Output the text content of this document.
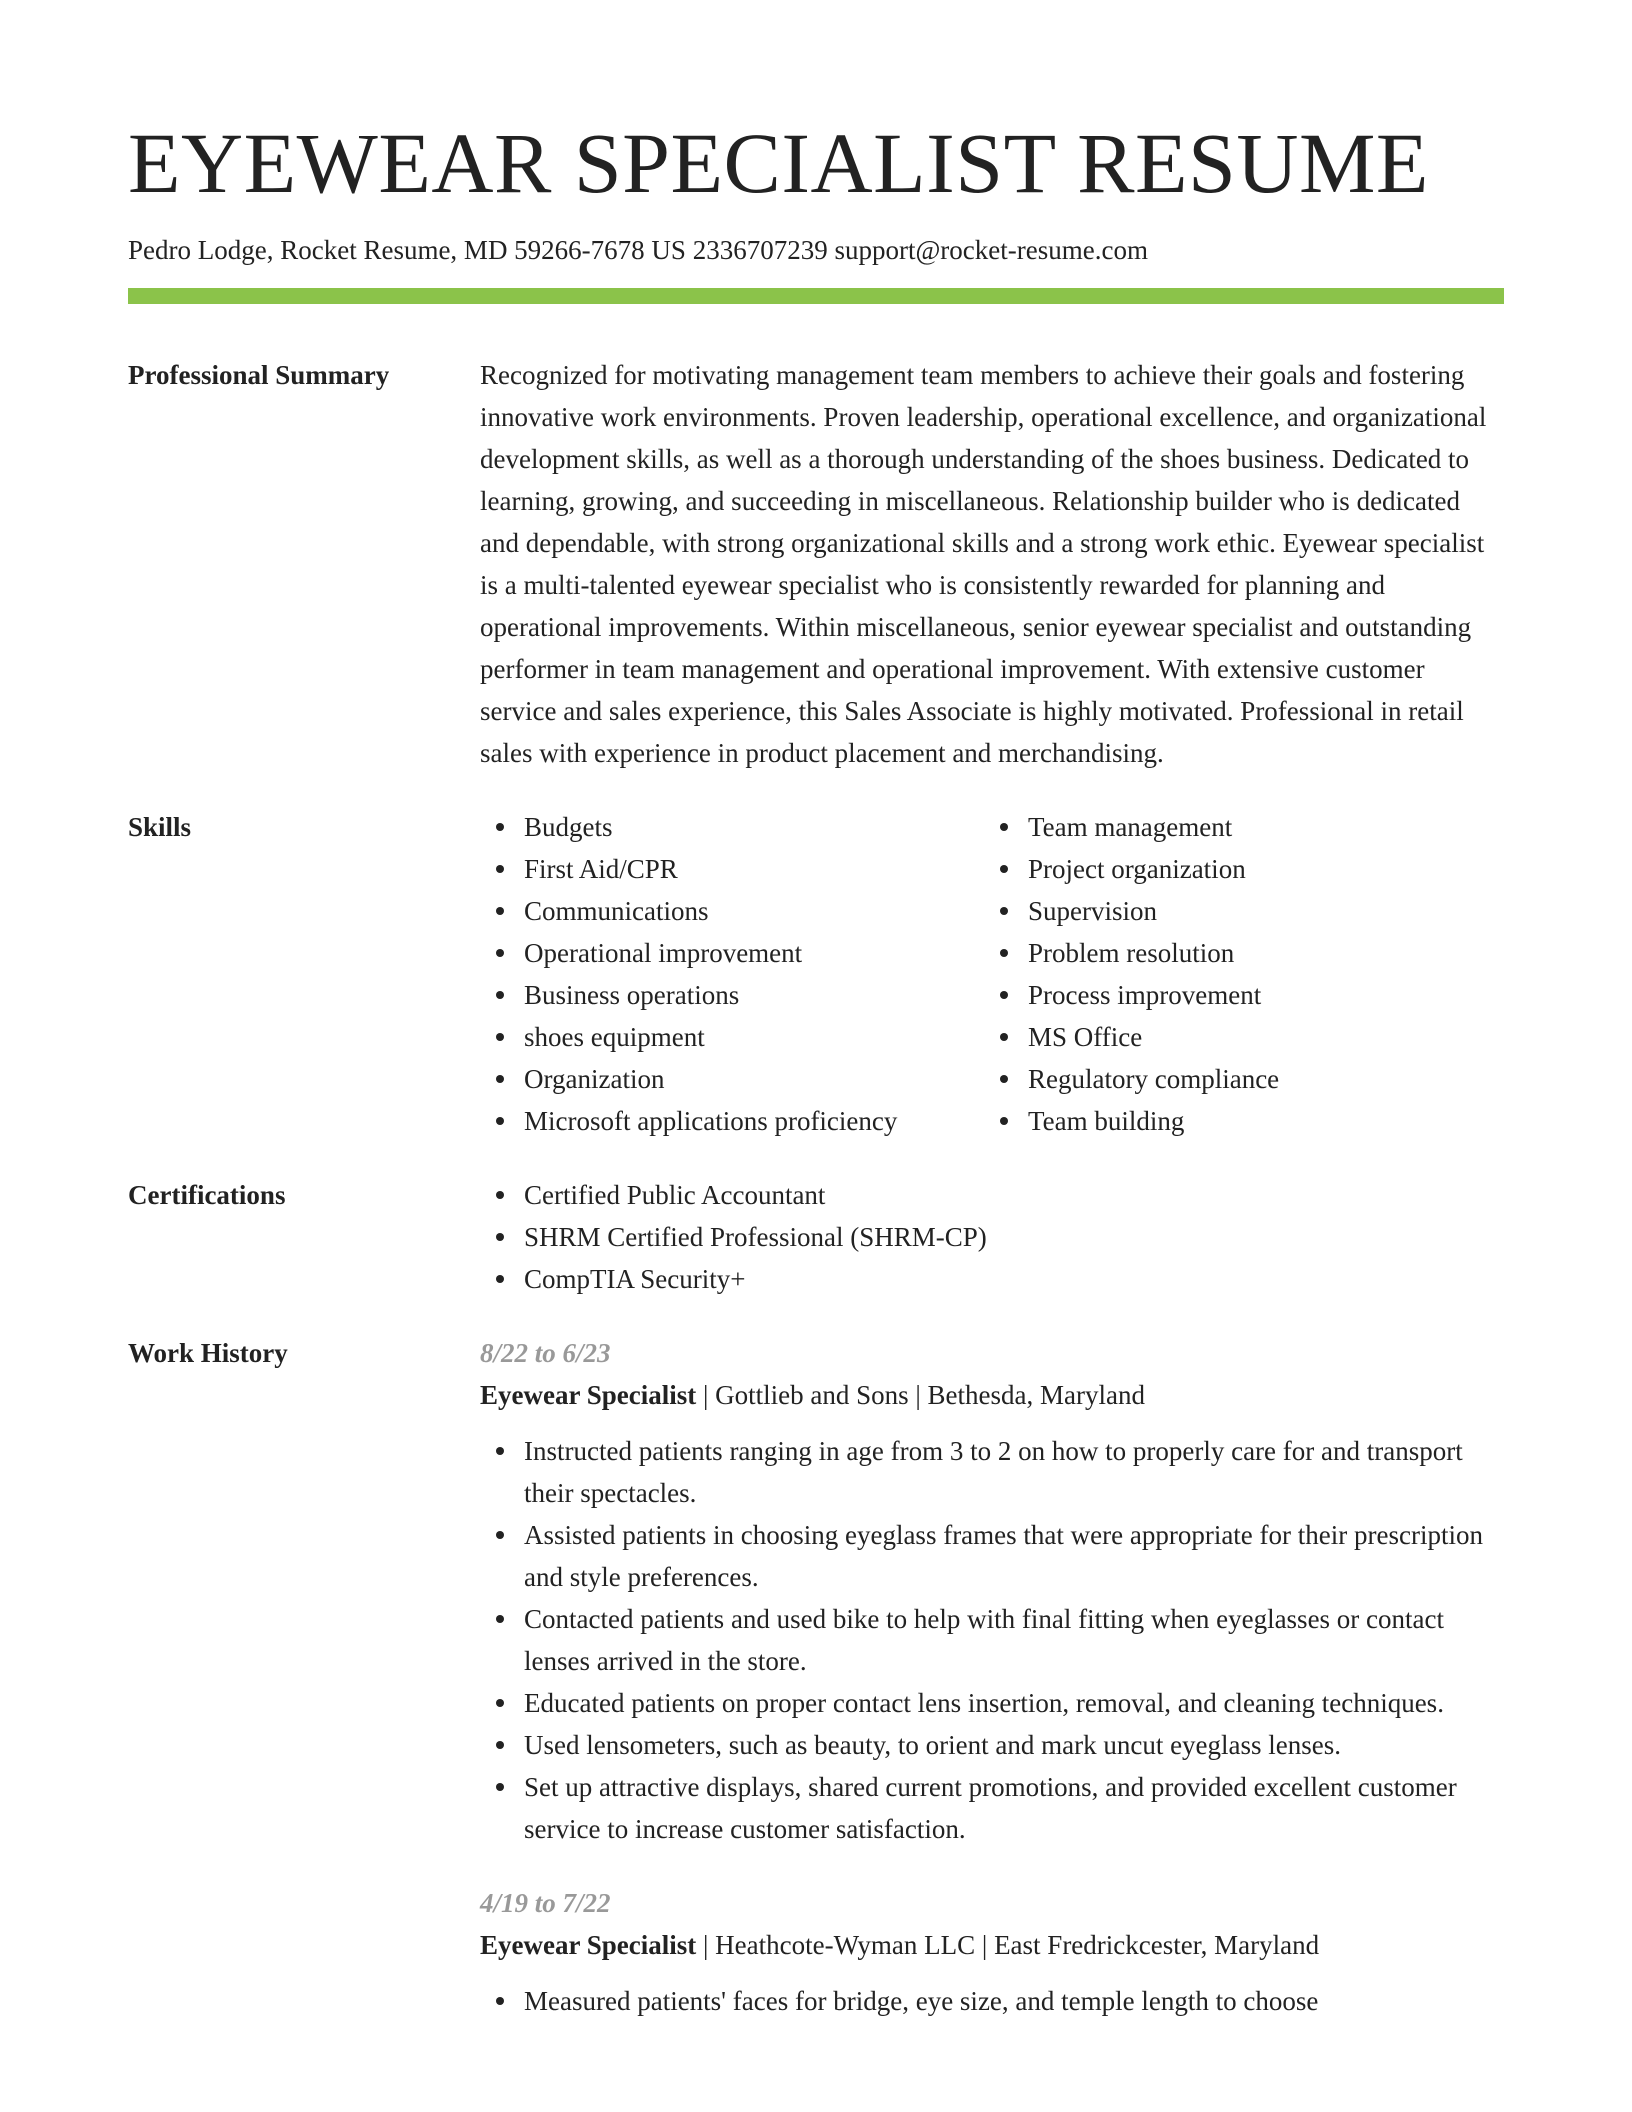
EYEWEAR SPECIALIST RESUME
Pedro Lodge, Rocket Resume, MD 59266-7678 US 2336707239 support@rocket-resume.com
Professional Summary	Recognized for motivating management team members to achieve their goals and fostering innovative work environments. Proven leadership, operational excellence, and organizational development skills, as well as a thorough understanding of the shoes business. Dedicated to learning, growing, and succeeding in miscellaneous. Relationship builder who is dedicated and dependable, with strong organizational skills and a strong work ethic. Eyewear specialist is a multi-talented eyewear specialist who is consistently rewarded for planning and operational improvements. Within miscellaneous, senior eyewear specialist and outstanding performer in team management and operational improvement. With extensive customer service and sales experience, this Sales Associate is highly motivated. Professional in retail sales with experience in product placement and merchandising.
Skills	Budgets
First Aid/CPR
Communications
Operational improvement
Business operations
shoes equipment
Organization
Microsoft applications proficiency
Team management
Project organization
Supervision
Problem resolution
Process improvement
MS Office
Regulatory compliance
Team building
Certifications	Certified Public Accountant
SHRM Certified Professional (SHRM-CP)
CompTIA Security+
Work History	8/22 to 6/23
Eyewear Specialist | Gottlieb and Sons | Bethesda, Maryland
Instructed patients ranging in age from 3 to 2 on how to properly care for and transport their spectacles.
Assisted patients in choosing eyeglass frames that were appropriate for their prescription and style preferences.
Contacted patients and used bike to help with final fitting when eyeglasses or contact lenses arrived in the store.
Educated patients on proper contact lens insertion, removal, and cleaning techniques.
Used lensometers, such as beauty, to orient and mark uncut eyeglass lenses.
Set up attractive displays, shared current promotions, and provided excellent customer service to increase customer satisfaction.
4/19 to 7/22
Eyewear Specialist | Heathcote-Wyman LLC | East Fredrickcester, Maryland
Measured patients' faces for bridge, eye size, and temple length to choose
